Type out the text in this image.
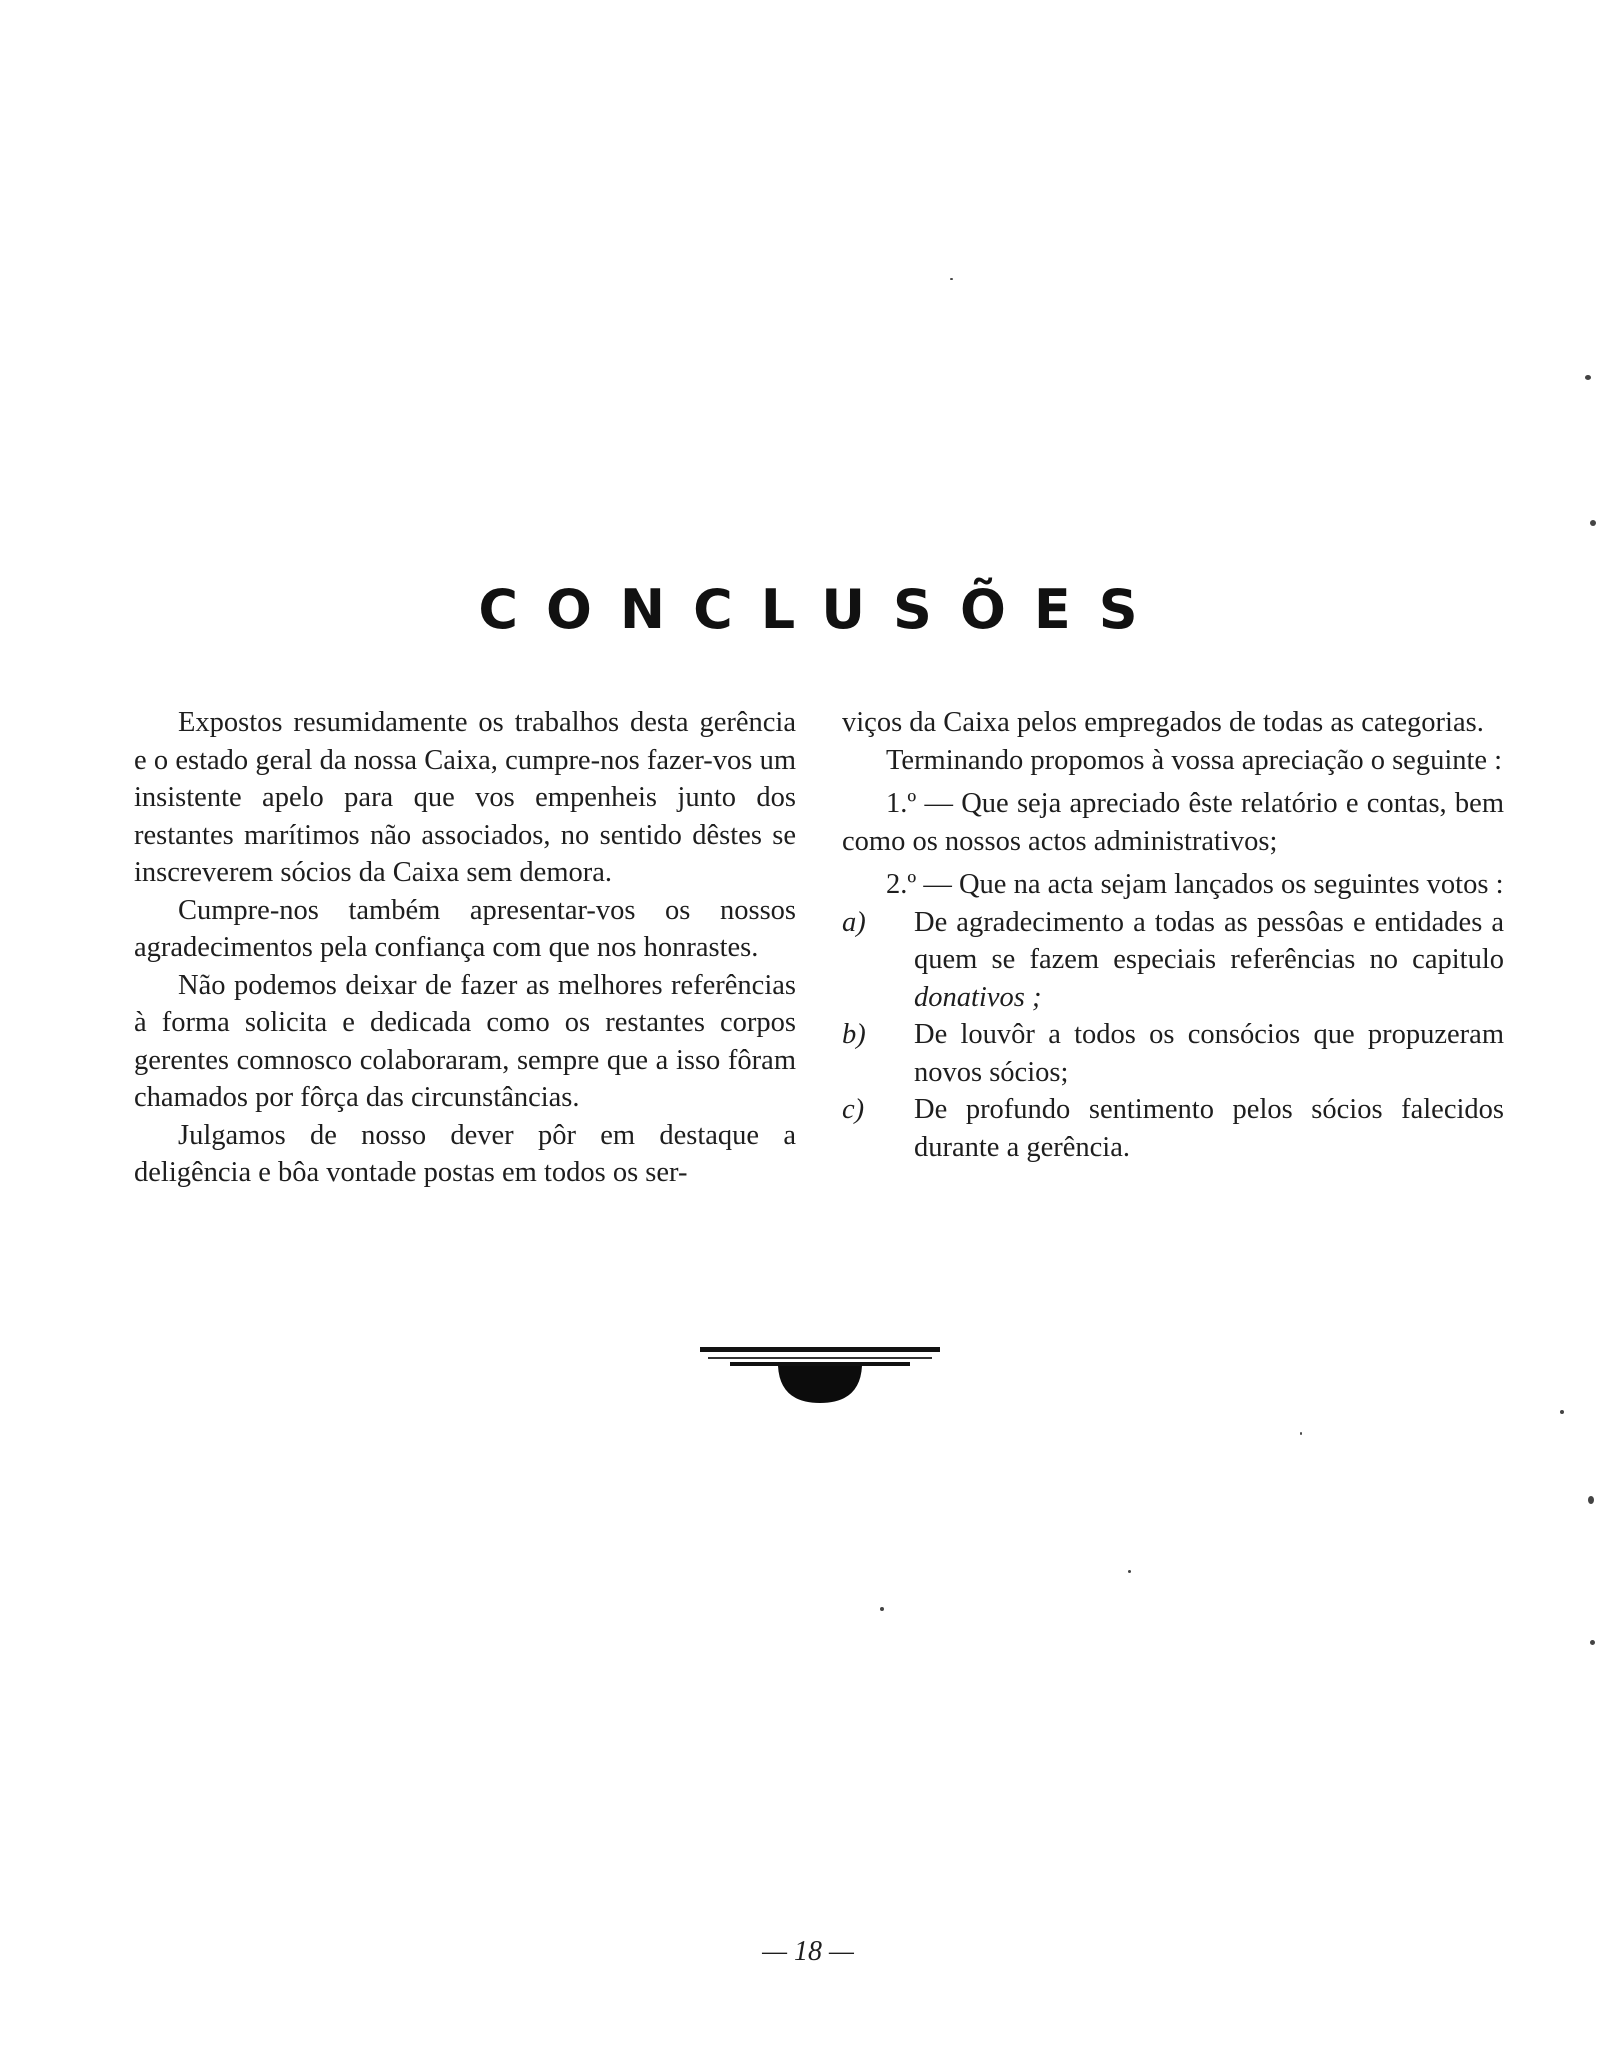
CONCLUSÕES

Expostos resumidamente os trabalhos desta gerência e o estado geral da nossa Caixa, cumpre-nos fazer-vos um insistente apelo para que vos empenheis junto dos restantes marítimos não associados, no sentido dêstes se inscreverem sócios da Caixa sem demora.

Cumpre-nos também apresentar-vos os nossos agradecimentos pela confiança com que nos honrastes.

Não podemos deixar de fazer as melhores referências à forma solicita e dedicada como os restantes corpos gerentes comnosco colaboraram, sempre que a isso fôram chamados por fôrça das circunstâncias.

Julgamos de nosso dever pôr em destaque a deligência e bôa vontade postas em todos os ser-

viços da Caixa pelos empregados de todas as categorias.

Terminando propomos à vossa apreciação o seguinte :

1.º — Que seja apreciado êste relatório e contas, bem como os nossos actos administrativos;

2.º — Que na acta sejam lançados os seguintes votos :

a) De agradecimento a todas as pessôas e entidades a quem se fazem especiais referências no capitulo donativos ;

b) De louvôr a todos os consócios que propuzeram novos sócios;

c) De profundo sentimento pelos sócios falecidos durante a gerência.

— 18 —
